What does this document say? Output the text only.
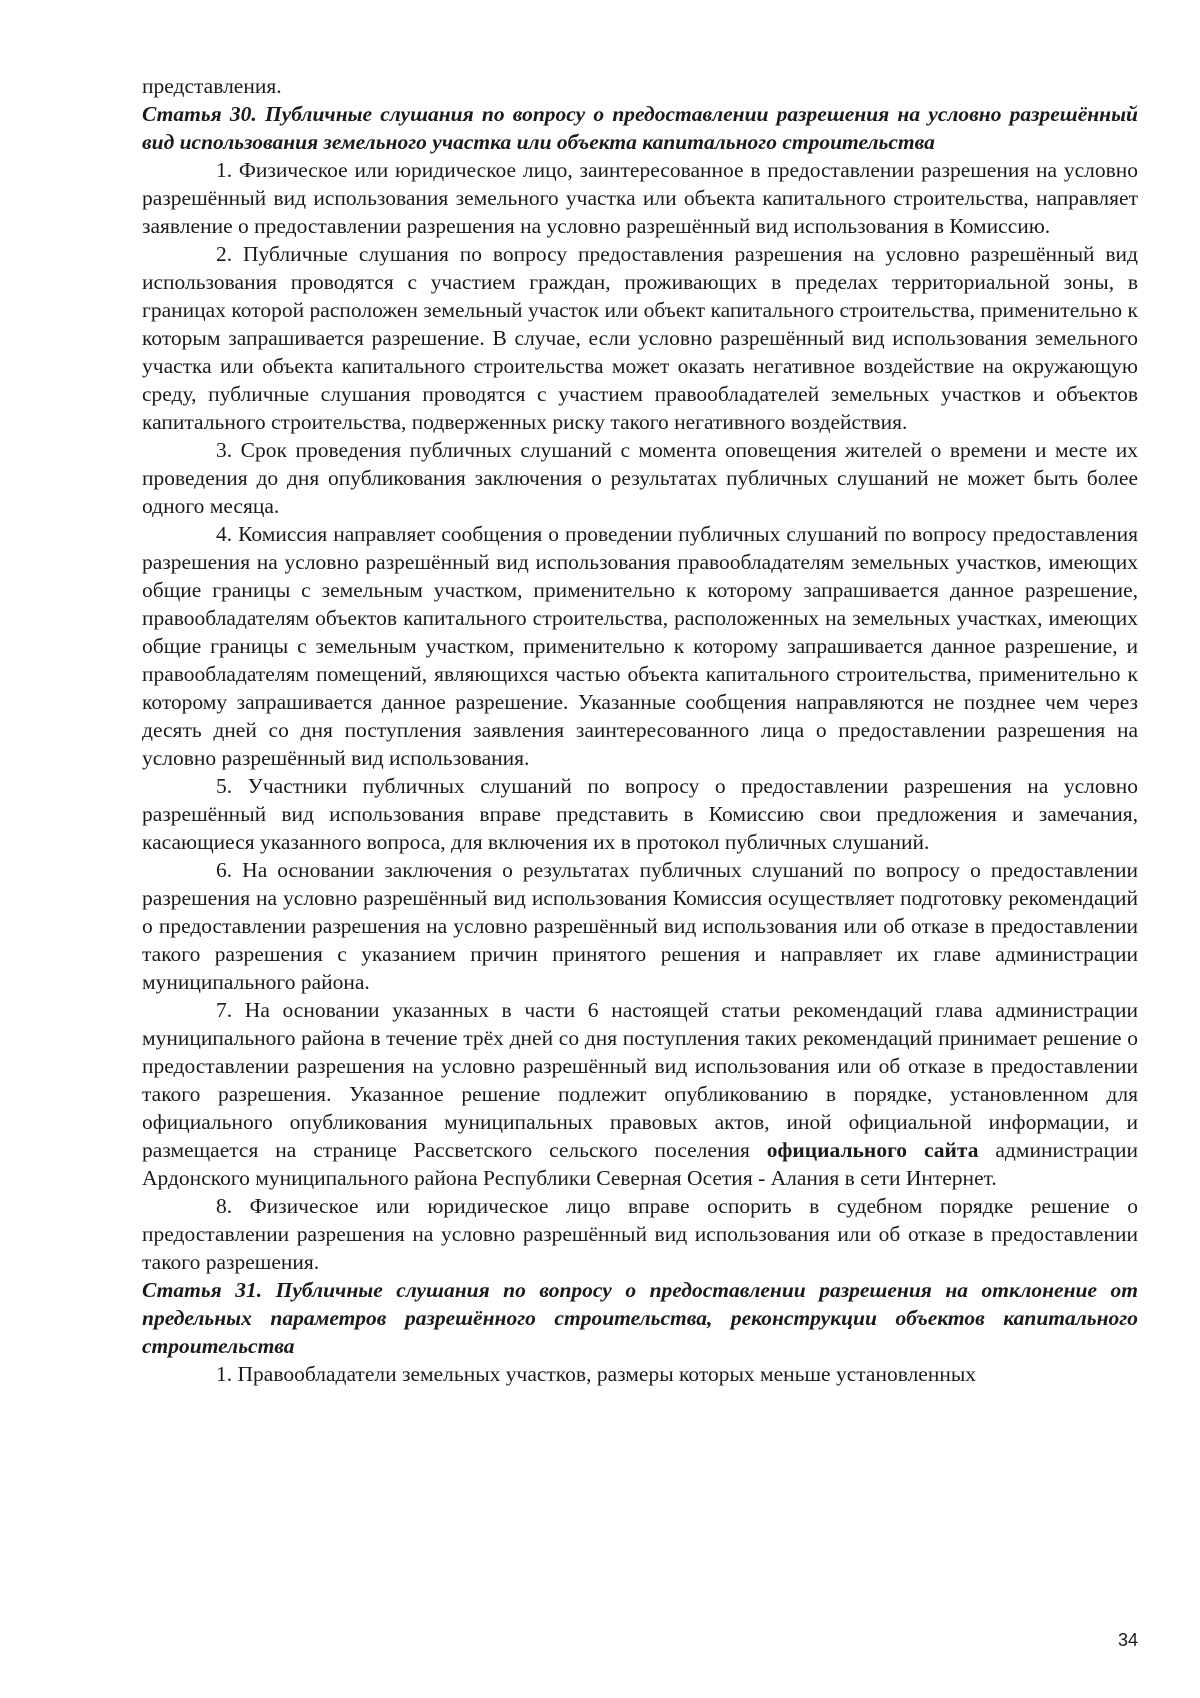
представления.

Статья 30. Публичные слушания по вопросу о предоставлении разрешения на условно разрешённый вид использования земельного участка или объекта капитального строительства

1. Физическое или юридическое лицо, заинтересованное в предоставлении разрешения на условно разрешённый вид использования земельного участка или объекта капитального строительства, направляет заявление о предоставлении разрешения на условно разрешённый вид использования в Комиссию.

2. Публичные слушания по вопросу предоставления разрешения на условно разрешённый вид использования проводятся с участием граждан, проживающих в пределах территориальной зоны, в границах которой расположен земельный участок или объект капитального строительства, применительно к которым запрашивается разрешение. В случае, если условно разрешённый вид использования земельного участка или объекта капитального строительства может оказать негативное воздействие на окружающую среду, публичные слушания проводятся с участием правообладателей земельных участков и объектов капитального строительства, подверженных риску такого негативного воздействия.

3. Срок проведения публичных слушаний с момента оповещения жителей о времени и месте их проведения до дня опубликования заключения о результатах публичных слушаний не может быть более одного месяца.

4. Комиссия направляет сообщения о проведении публичных слушаний по вопросу предоставления разрешения на условно разрешённый вид использования правообладателям земельных участков, имеющих общие границы с земельным участком, применительно к которому запрашивается данное разрешение, правообладателям объектов капитального строительства, расположенных на земельных участках, имеющих общие границы с земельным участком, применительно к которому запрашивается данное разрешение, и правообладателям помещений, являющихся частью объекта капитального строительства, применительно к которому запрашивается данное разрешение. Указанные сообщения направляются не позднее чем через десять дней со дня поступления заявления заинтересованного лица о предоставлении разрешения на условно разрешённый вид использования.

5. Участники публичных слушаний по вопросу о предоставлении разрешения на условно разрешённый вид использования вправе представить в Комиссию свои предложения и замечания, касающиеся указанного вопроса, для включения их в протокол публичных слушаний.

6. На основании заключения о результатах публичных слушаний по вопросу о предоставлении разрешения на условно разрешённый вид использования Комиссия осуществляет подготовку рекомендаций о предоставлении разрешения на условно разрешённый вид использования или об отказе в предоставлении такого разрешения с указанием причин принятого решения и направляет их главе администрации муниципального района.

7. На основании указанных в части 6 настоящей статьи рекомендаций глава администрации муниципального района в течение трёх дней со дня поступления таких рекомендаций принимает решение о предоставлении разрешения на условно разрешённый вид использования или об отказе в предоставлении такого разрешения. Указанное решение подлежит опубликованию в порядке, установленном для официального опубликования муниципальных правовых актов, иной официальной информации, и размещается на странице Рассветского сельского поселения официального сайта администрации Ардонского муниципального района Республики Северная Осетия - Алания в сети Интернет.

8. Физическое или юридическое лицо вправе оспорить в судебном порядке решение о предоставлении разрешения на условно разрешённый вид использования или об отказе в предоставлении такого разрешения.

Статья 31. Публичные слушания по вопросу о предоставлении разрешения на отклонение от предельных параметров разрешённого строительства, реконструкции объектов капитального строительства

1. Правообладатели земельных участков, размеры которых меньше установленных

34
